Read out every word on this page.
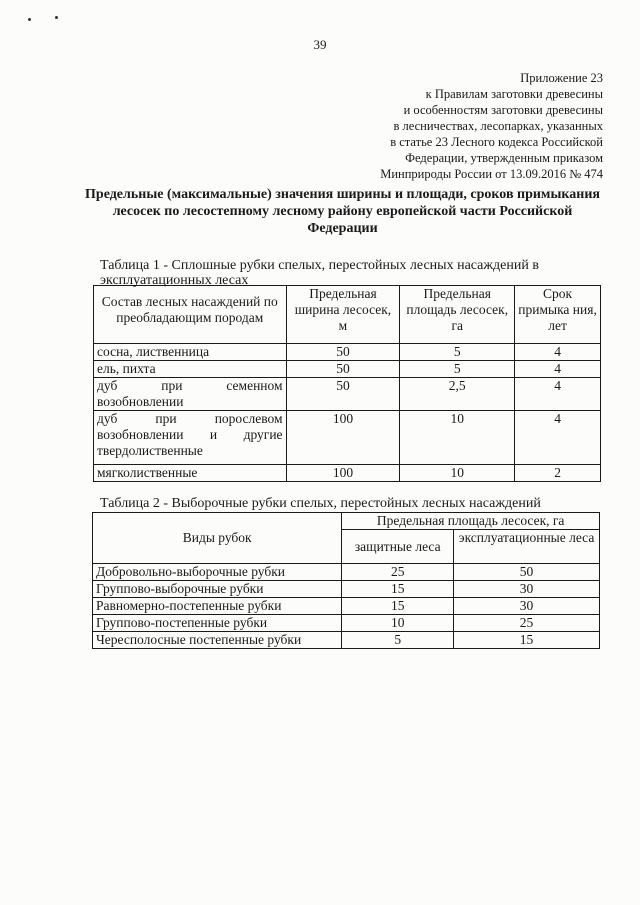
39
Приложение 23
к Правилам заготовки древесины
и особенностям заготовки древесины
в лесничествах, лесопарках, указанных
в статье 23 Лесного кодекса Российской
Федерации, утвержденным приказом
Минприроды России от 13.09.2016 № 474
Предельные (максимальные) значения ширины и площади, сроков примыкания лесосек по лесостепному лесному району европейской части Российской Федерации
Таблица 1 - Сплошные рубки спелых, перестойных лесных насаждений в эксплуатационных лесах
Состав лесных насаждений по преобладающим породам	Предельная ширина лесосек, м	Предельная площадь лесосек, га	Срок примыка ния, лет
сосна, лиственница	50	5	4
ель, пихта	50	5	4
дуб при семенном возобновлении	50	2,5	4
дуб при порослевом возобновлении и другие твердолиственные	100	10	4
мягколиственные	100	10	2
Таблица 2 - Выборочные рубки спелых, перестойных лесных насаждений
Виды рубок	Предельная площадь лесосек, га	
	защитные леса	эксплуатационные леса
Добровольно-выборочные рубки	25	50
Группово-выборочные рубки	15	30
Равномерно-постепенные рубки	15	30
Группово-постепенные рубки	10	25
Чересполосные постепенные рубки	5	15
